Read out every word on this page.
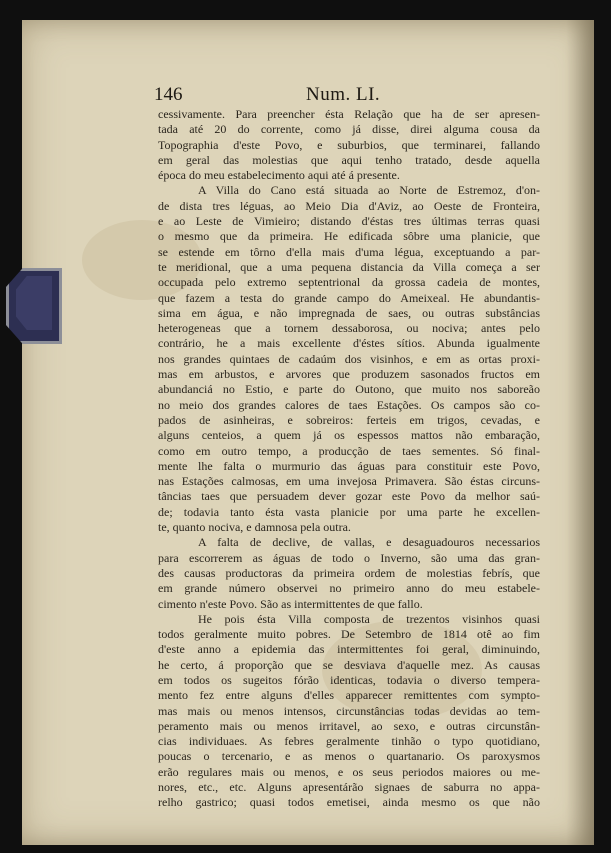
146	Num. LI.

cessivamente. Para preencher ésta Relação que ha de ser apresen-

tada até 20 do corrente, como já disse, direi alguma cousa da

Topographia d'este Povo, e suburbios, que terminarei, fallando

em geral das molestias que aqui tenho tratado, desde aquella

época do meu estabelecimento aqui até á presente.

A Villa do Cano está situada ao Norte de Estremoz, d'on-

de dista tres léguas, ao Meio Dia d'Aviz, ao Oeste de Fronteira,

e ao Leste de Vimieiro; distando d'éstas tres últimas terras quasi

o mesmo que da primeira. He edificada sôbre uma planicie, que

se estende em tôrno d'ella mais d'uma légua, exceptuando a par-

te meridional, que a uma pequena distancia da Villa começa a ser

occupada pelo extremo septentrional da grossa cadeia de montes,

que fazem a testa do grande campo do Ameixeal. He abundantis-

sima em água, e não impregnada de saes, ou outras substâncias

heterogeneas que a tornem dessaborosa, ou nociva; antes pelo

contrário, he a mais excellente d'éstes sítios. Abunda igualmente

nos grandes quintaes de cadaúm dos visinhos, e em as ortas proxi-

mas em arbustos, e arvores que produzem sasonados fructos em

abundanciá no Estio, e parte do Outono, que muito nos saboreão

no meio dos grandes calores de taes Estações. Os campos são co-

pados de asinheiras, e sobreiros: ferteis em trigos, cevadas, e

alguns centeios, a quem já os espessos mattos não embaração,

como em outro tempo, a producção de taes sementes. Só final-

mente lhe falta o murmurio das águas para constituir este Povo,

nas Estações calmosas, em uma invejosa Primavera. São éstas circuns-

tâncias taes que persuadem dever gozar este Povo da melhor saú-

de; todavia tanto ésta vasta planicie por uma parte he excellen-

te, quanto nociva, e damnosa pela outra.

A falta de declive, de vallas, e desaguadouros necessarios

para escorrerem as águas de todo o Inverno, são uma das gran-

des causas productoras da primeira ordem de molestias febrís, que

em grande número observei no primeiro anno do meu estabele-

cimento n'este Povo. São as intermittentes de que fallo.

He pois ésta Villa composta de trezentos visinhos quasi

todos geralmente muito pobres. De Setembro de 1814 otê ao fim

d'este anno a epidemia das intermittentes foi geral, diminuindo,

he certo, á proporção que se desviava d'aquelle mez. As causas

em todos os sugeitos fórão identicas, todavia o diverso tempera-

mento fez entre alguns d'elles apparecer remittentes com sympto-

mas mais ou menos intensos, circunstâncias todas devidas ao tem-

peramento mais ou menos irritavel, ao sexo, e outras circunstân-

cias individuaes. As febres geralmente tinhão o typo quotidiano,

poucas o tercenario, e as menos o quartanario. Os paroxysmos

erão regulares mais ou menos, e os seus periodos maiores ou me-

nores, etc., etc. Alguns apresentárão signaes de saburra no appa-

relho gastrico; quasi todos emetisei, ainda mesmo os que não
